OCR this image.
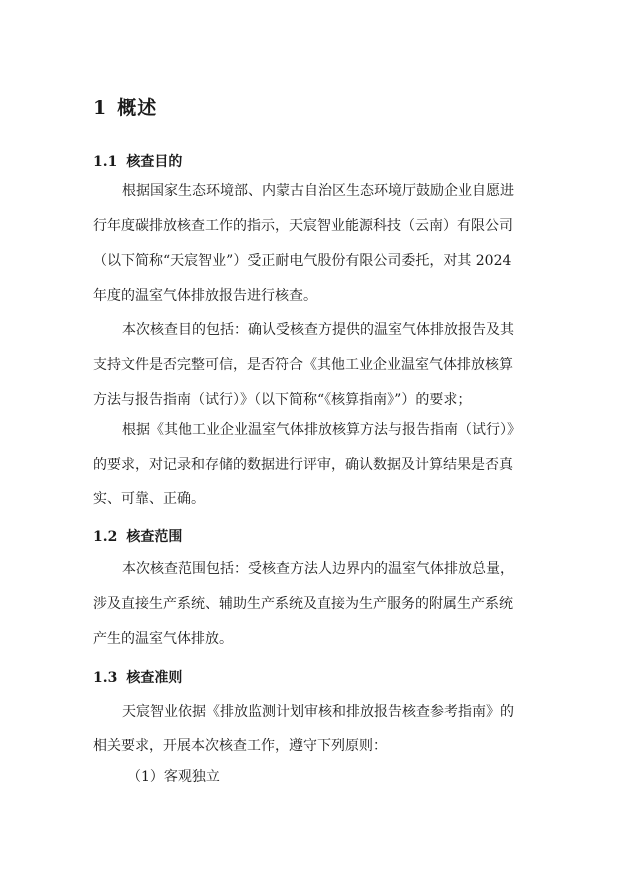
1 概述
1.1 核查目的
根据国家生态环境部、内蒙古自治区生态环境厅鼓励企业自愿进
行年度碳排放核查工作的指示，天宸智业能源科技（云南）有限公司
（以下简称“天宸智业”）受正耐电气股份有限公司委托，对其 2024
年度的温室气体排放报告进行核查。
本次核查目的包括：确认受核查方提供的温室气体排放报告及其
支持文件是否完整可信，是否符合《其他工业企业温室气体排放核算
方法与报告指南（试行）》（以下简称“《核算指南》”）的要求；
根据《其他工业企业温室气体排放核算方法与报告指南（试行）》
的要求，对记录和存储的数据进行评审，确认数据及计算结果是否真
实、可靠、正确。
1.2 核查范围
本次核查范围包括：受核查方法人边界内的温室气体排放总量，
涉及直接生产系统、辅助生产系统及直接为生产服务的附属生产系统
产生的温室气体排放。
1.3 核查准则
天宸智业依据《排放监测计划审核和排放报告核查参考指南》的
相关要求，开展本次核查工作，遵守下列原则：
（1）客观独立
